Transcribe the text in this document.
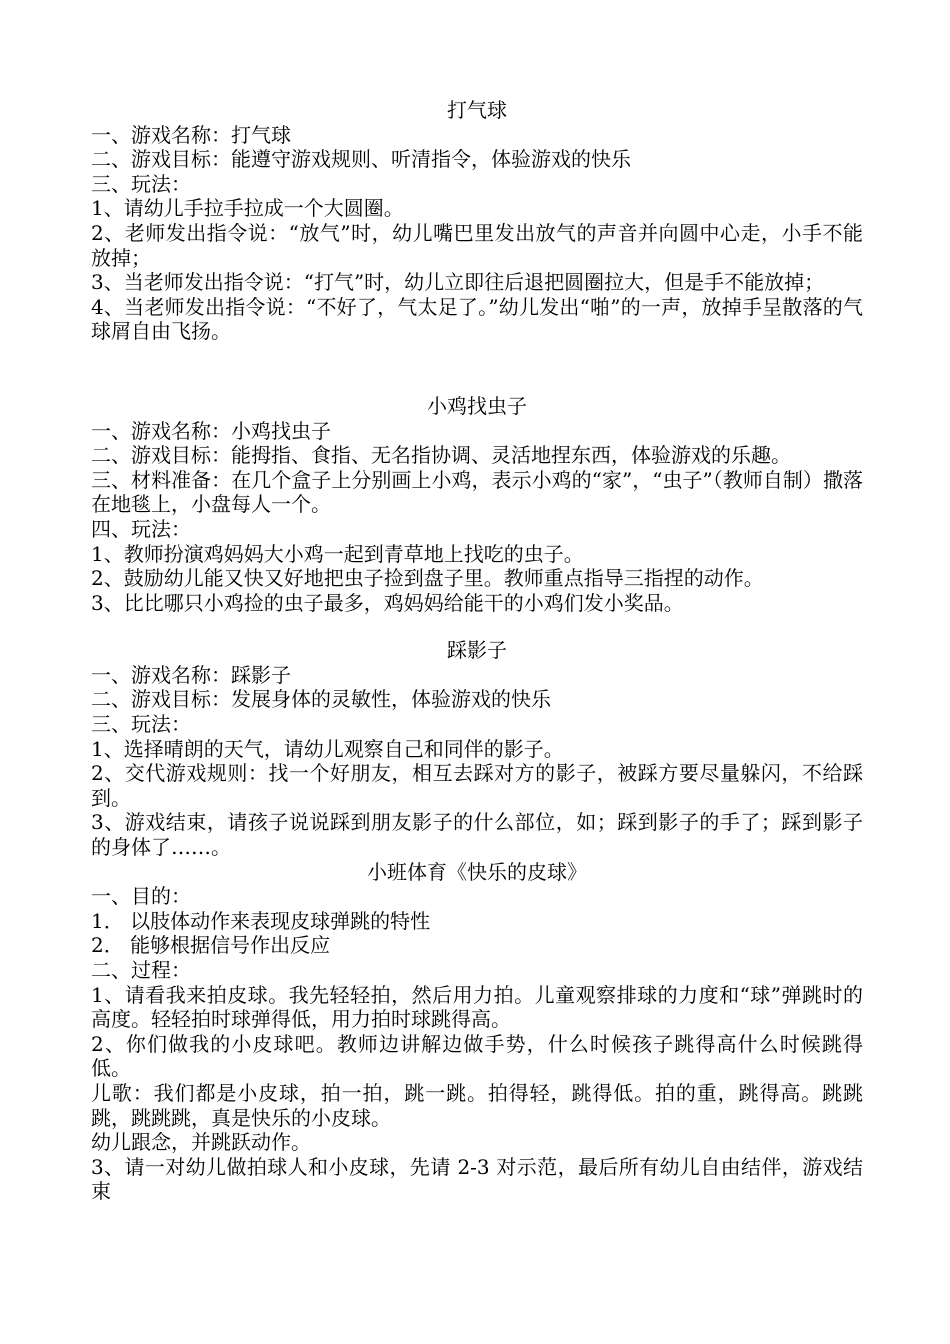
打气球
一、游戏名称：打气球
二、游戏目标：能遵守游戏规则、听清指令，体验游戏的快乐
三、玩法：
1、请幼儿手拉手拉成一个大圆圈。
2、老师发出指令说：“放气”时，幼儿嘴巴里发出放气的声音并向圆中心走，小手不能放掉；
3、当老师发出指令说：“打气”时，幼儿立即往后退把圆圈拉大，但是手不能放掉；
4、当老师发出指令说：“不好了，气太足了。”幼儿发出“啪”的一声，放掉手呈散落的气球屑自由飞扬。
小鸡找虫子
一、游戏名称：小鸡找虫子
二、游戏目标：能拇指、食指、无名指协调、灵活地捏东西，体验游戏的乐趣。
三、材料准备：在几个盒子上分别画上小鸡，表示小鸡的“家”，“虫子”（教师自制）撒落在地毯上，小盘每人一个。
四、玩法：
1、教师扮演鸡妈妈大小鸡一起到青草地上找吃的虫子。
2、鼓励幼儿能又快又好地把虫子捡到盘子里。教师重点指导三指捏的动作。
3、比比哪只小鸡捡的虫子最多，鸡妈妈给能干的小鸡们发小奖品。
踩影子
一、游戏名称：踩影子
二、游戏目标：发展身体的灵敏性，体验游戏的快乐
三、玩法：
1、选择晴朗的天气，请幼儿观察自己和同伴的影子。
2、交代游戏规则：找一个好朋友，相互去踩对方的影子，被踩方要尽量躲闪，不给踩到。
3、游戏结束，请孩子说说踩到朋友影子的什么部位，如；踩到影子的手了；踩到影子的身体了……。
小班体育《快乐的皮球》
一、目的：
1． 以肢体动作来表现皮球弹跳的特性
2． 能够根据信号作出反应
二、过程：
1、请看我来拍皮球。我先轻轻拍，然后用力拍。儿童观察排球的力度和“球”弹跳时的高度。轻轻拍时球弹得低，用力拍时球跳得高。
2、你们做我的小皮球吧。教师边讲解边做手势，什么时候孩子跳得高什么时候跳得低。
儿歌：我们都是小皮球，拍一拍，跳一跳。拍得轻，跳得低。拍的重，跳得高。跳跳跳，跳跳跳，真是快乐的小皮球。
幼儿跟念，并跳跃动作。
3、请一对幼儿做拍球人和小皮球，先请 2-3 对示范，最后所有幼儿自由结伴，游戏结束
